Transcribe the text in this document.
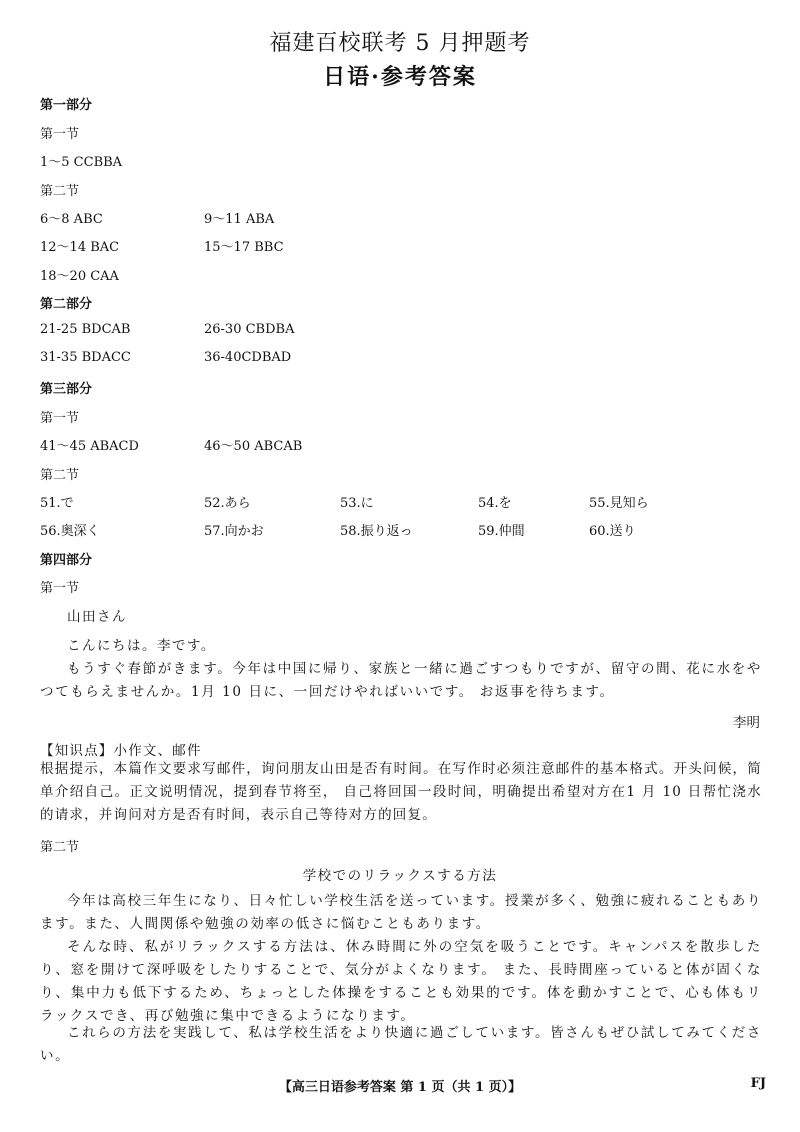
福建百校联考 5 月押题考
日语·参考答案
第一部分
第一节
1～5 CCBBA
第二节
6～8 ABC	9～11 ABA
12～14 BAC	15～17 BBC
18～20 CAA
第二部分
21-25 BDCAB	26-30 CBDBA
31-35 BDACC	36-40CDBAD
第三部分
第一节
41～45 ABACD	46～50 ABCAB
第二节
51.で	52.あら	53.に	54.を	55.見知ら
56.奥深く	57.向かお	58.振り返っ	59.仲間	60.送り
第四部分
第一节
山田さん
こんにちは。李です。
もうすぐ春節がきます。今年は中国に帰り、家族と一緒に過ごすつもりですが、留守の間、花に水をやつてもらえませんか。1月 10 日に、一回だけやればいいです。 お返事を待ちます。
李明
【知识点】小作文、邮件
根据提示，本篇作文要求写邮件，询问朋友山田是否有时间。在写作时必须注意邮件的基本格式。开头问候，简单介绍自己。正文说明情况，提到春节将至， 自己将回国一段时间，明确提出希望对方在1 月 10 日帮忙浇水的请求，并询问对方是否有时间，表示自己等待对方的回复。
第二节
学校でのリラックスする方法
今年は高校三年生になり、日々忙しい学校生活を送っています。授業が多く、勉強に疲れることもあります。また、人間関係や勉強の効率の低さに悩むこともあります。
そんな時、私がリラックスする方法は、休み時間に外の空気を吸うことです。キャンパスを散歩したり、窓を開けて深呼吸をしたりすることで、気分がよくなります。 また、長時間座っていると体が固くなり、集中力も低下するため、ちょっとした体操をすることも効果的です。体を動かすことで、心も体もリラックスでき、再び勉強に集中できるようになります。
これらの方法を実践して、私は学校生活をより快適に過ごしています。皆さんもぜひ試してみてください。
【高三日语参考答案 第 1 页（共 1 页）】	FJ
